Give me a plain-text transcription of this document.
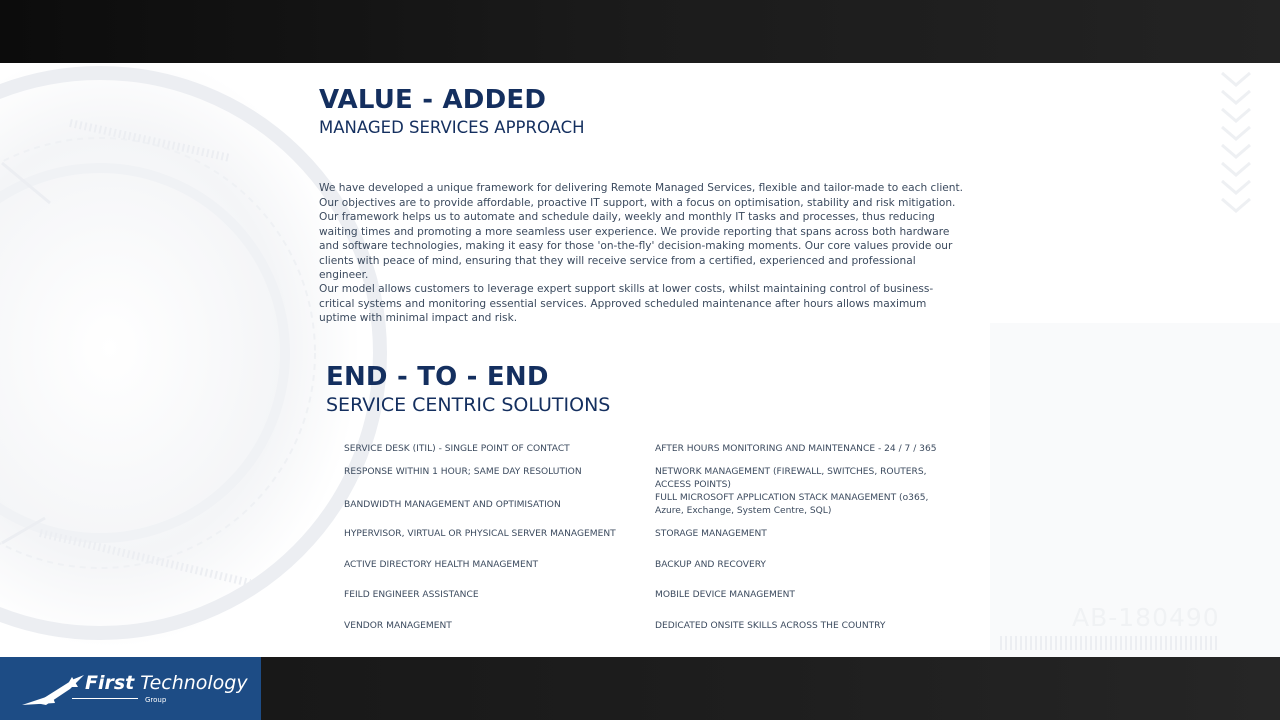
VALUE - ADDED
MANAGED SERVICES APPROACH

We have developed a unique framework for delivering Remote Managed Services, flexible and tailor-made to each client. Our objectives are to provide affordable, proactive IT support, with a focus on optimisation, stability and risk mitigation. Our framework helps us to automate and schedule daily, weekly and monthly IT tasks and processes, thus reducing waiting times and promoting a more seamless user experience. We provide reporting that spans across both hardware and software technologies, making it easy for those 'on-the-fly' decision-making moments. Our core values provide our clients with peace of mind, ensuring that they will receive service from a certified, experienced and professional engineer.

Our model allows customers to leverage expert support skills at lower costs, whilst maintaining control of business-critical systems and monitoring essential services. Approved scheduled maintenance after hours allows maximum uptime with minimal impact and risk.

END - TO - END
SERVICE CENTRIC SOLUTIONS

SERVICE DESK (ITIL) - SINGLE POINT OF CONTACT

RESPONSE WITHIN 1 HOUR; SAME DAY RESOLUTION

BANDWIDTH MANAGEMENT AND OPTIMISATION

HYPERVISOR, VIRTUAL OR PHYSICAL SERVER MANAGEMENT

ACTIVE DIRECTORY HEALTH MANAGEMENT

FEILD ENGINEER ASSISTANCE

VENDOR MANAGEMENT

AFTER HOURS MONITORING AND MAINTENANCE - 24 / 7 / 365

NETWORK MANAGEMENT (FIREWALL, SWITCHES, ROUTERS, ACCESS POINTS)

FULL MICROSOFT APPLICATION STACK MANAGEMENT (o365, Azure, Exchange, System Centre, SQL)

STORAGE MANAGEMENT

BACKUP AND RECOVERY

MOBILE DEVICE MANAGEMENT

DEDICATED ONSITE SKILLS ACROSS THE COUNTRY	AB-180490
First Technology
Group
